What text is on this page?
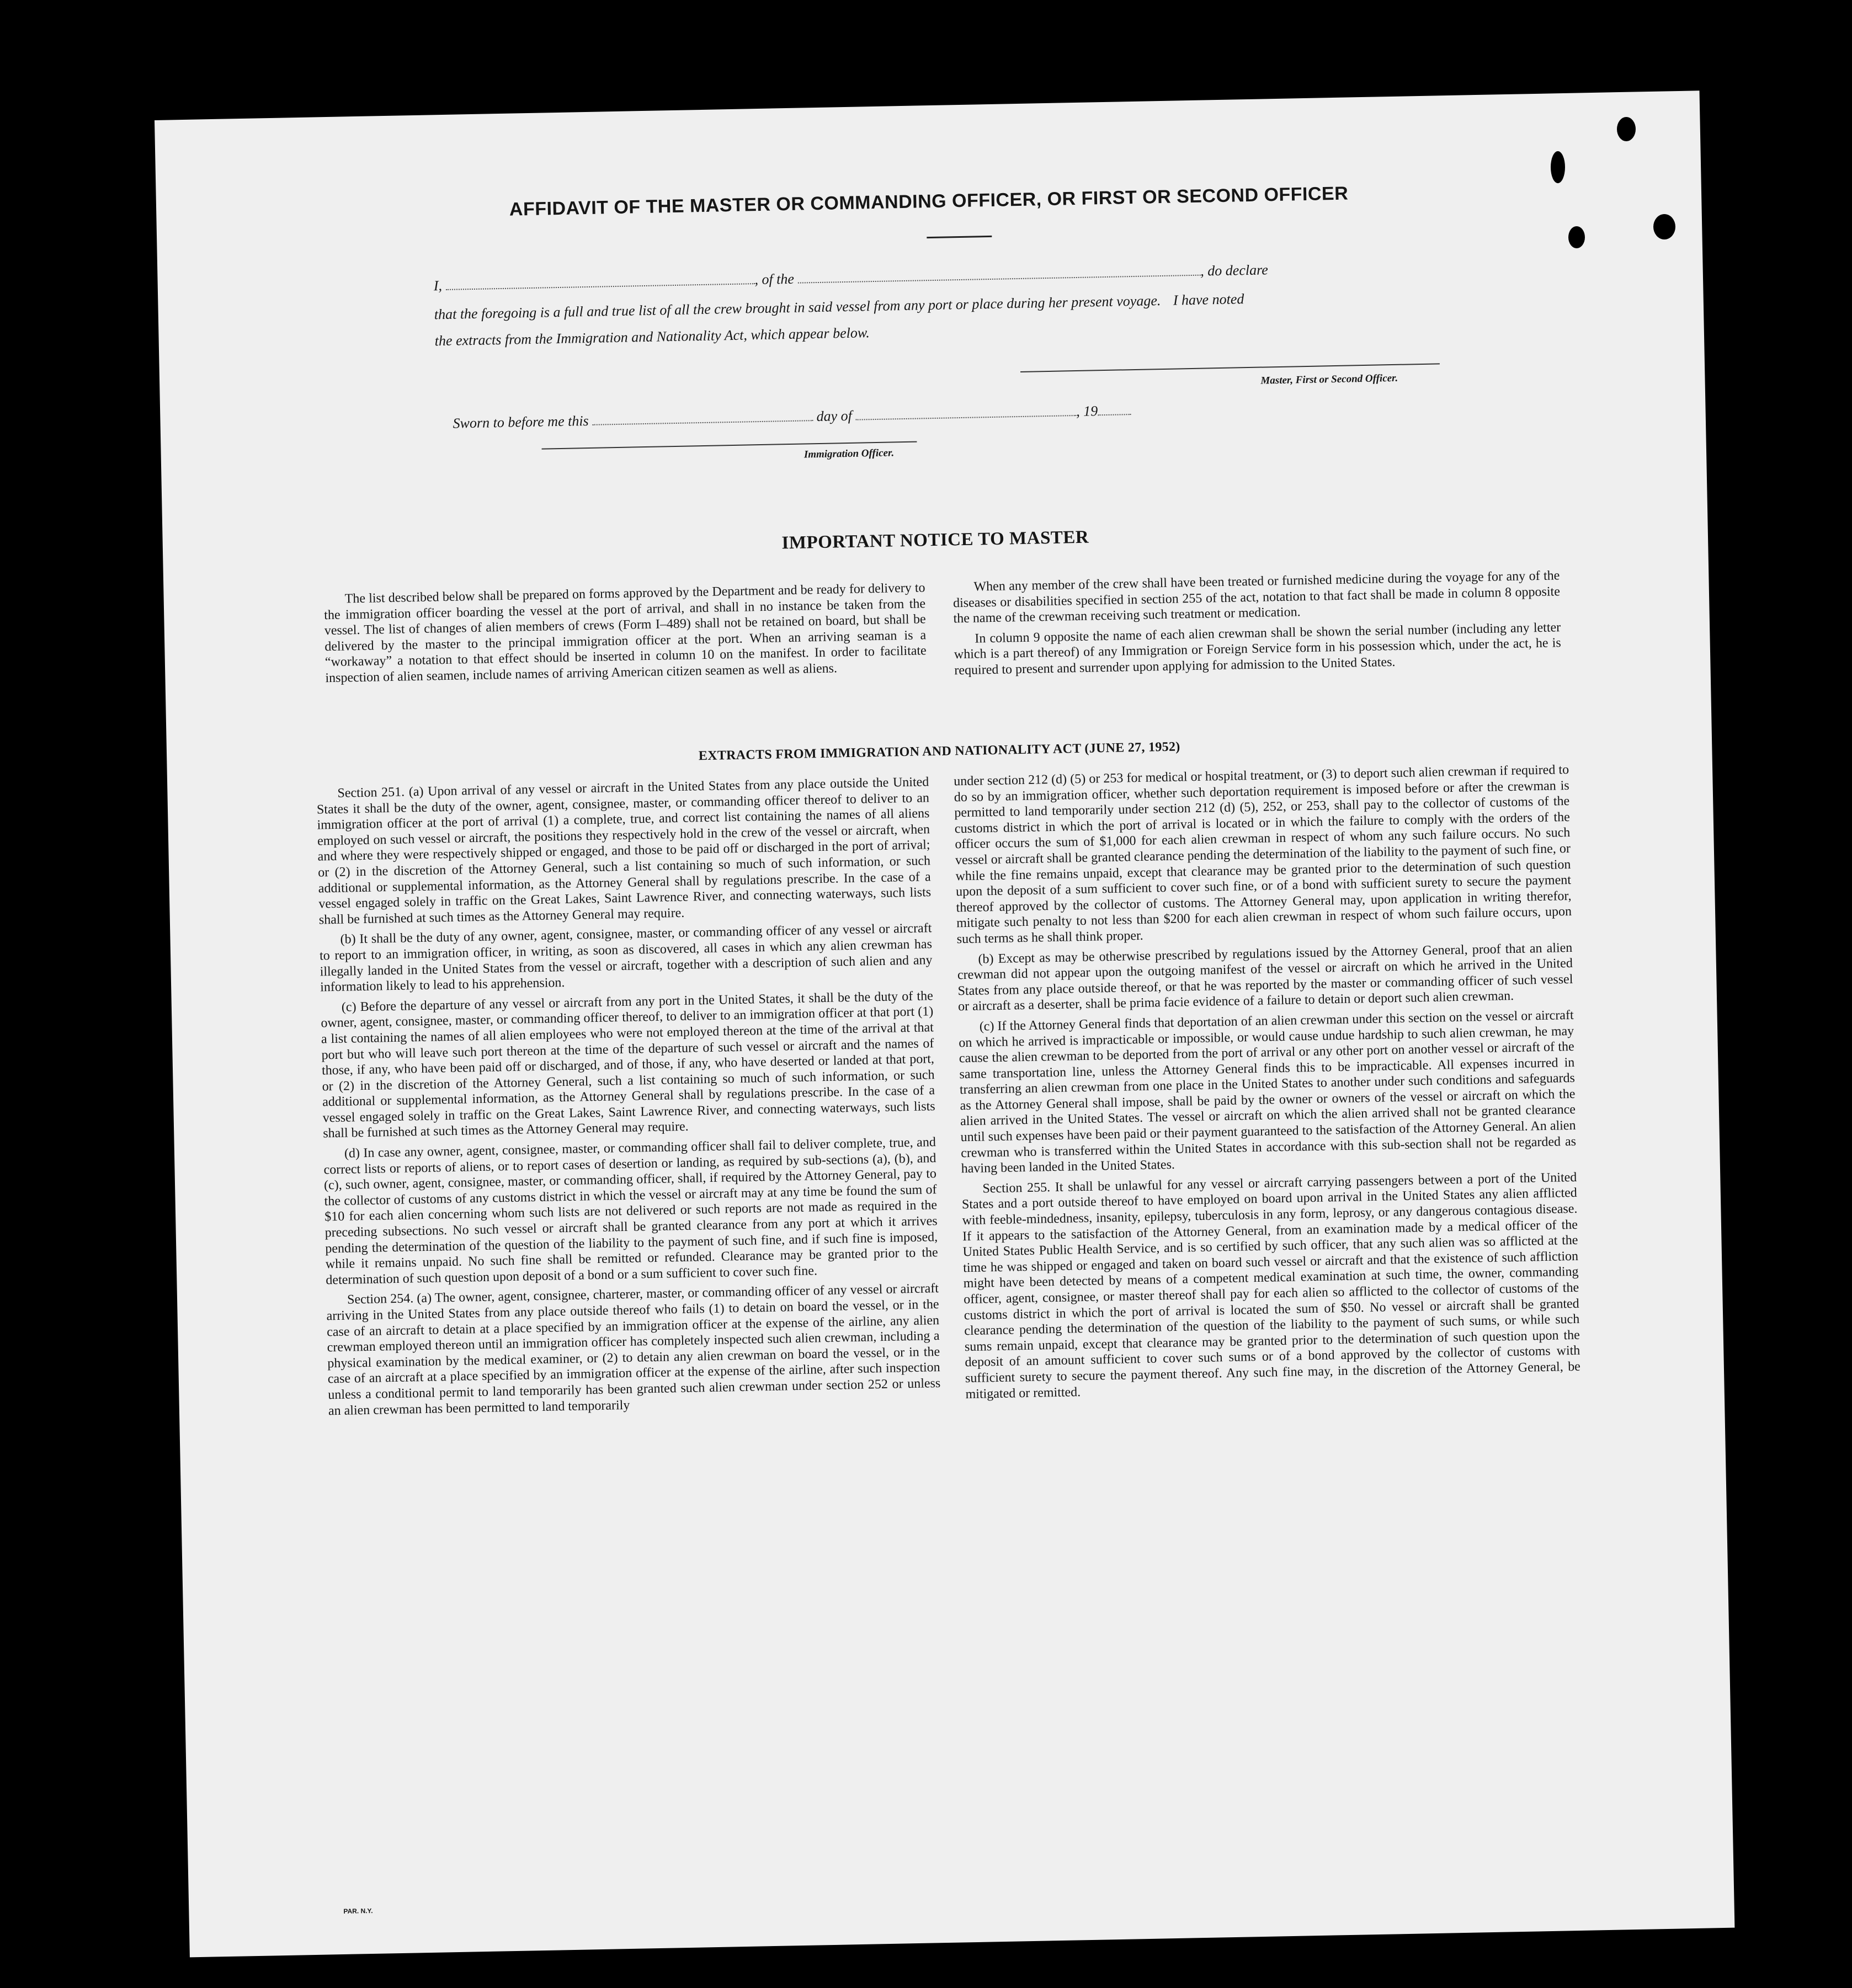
AFFIDAVIT OF THE MASTER OR COMMANDING OFFICER, OR FIRST OR SECOND OFFICER
I,	, of the , do declare
that the foregoing is a full and true list of all the crew brought in said vessel from any port or place during her present voyage. I have noted
the extracts from the Immigration and Nationality Act, which appear below.
Master, First or Second Officer.
Sworn to before me this	day of	, 19
Immigration Officer.
IMPORTANT NOTICE TO MASTER

The list described below shall be prepared on forms approved by the Department and be ready for delivery to the immigration officer boarding the vessel at the port of arrival, and shall in no instance be taken from the vessel. The list of changes of alien members of crews (Form I–489) shall not be retained on board, but shall be delivered by the master to the principal immigration officer at the port. When an arriving seaman is a “workaway” a notation to that effect should be inserted in column 10 on the manifest. In order to facilitate inspection of alien seamen, include names of arriving American citizen seamen as well as aliens.

When any member of the crew shall have been treated or furnished medicine during the voyage for any of the diseases or disabilities specified in section 255 of the act, notation to that fact shall be made in column 8 opposite the name of the crewman receiving such treatment or medication.

In column 9 opposite the name of each alien crewman shall be shown the serial number (including any letter which is a part thereof) of any Immigration or Foreign Service form in his possession which, under the act, he is required to present and surrender upon applying for admission to the United States.

EXTRACTS FROM IMMIGRATION AND NATIONALITY ACT (JUNE 27, 1952)

Section 251. (a) Upon arrival of any vessel or aircraft in the United States from any place outside the United States it shall be the duty of the owner, agent, consignee, master, or commanding officer thereof to deliver to an immigration officer at the port of arrival (1) a complete, true, and correct list containing the names of all aliens employed on such vessel or aircraft, the positions they respectively hold in the crew of the vessel or aircraft, when and where they were respectively shipped or engaged, and those to be paid off or discharged in the port of arrival; or (2) in the discretion of the Attorney General, such a list containing so much of such information, or such additional or supplemental information, as the Attorney General shall by regulations prescribe. In the case of a vessel engaged solely in traffic on the Great Lakes, Saint Lawrence River, and connecting waterways, such lists shall be furnished at such times as the Attorney General may require.

(b) It shall be the duty of any owner, agent, consignee, master, or commanding officer of any vessel or aircraft to report to an immigration officer, in writing, as soon as discovered, all cases in which any alien crewman has illegally landed in the United States from the vessel or aircraft, together with a description of such alien and any information likely to lead to his apprehension.

(c) Before the departure of any vessel or aircraft from any port in the United States, it shall be the duty of the owner, agent, consignee, master, or commanding officer thereof, to deliver to an immigration officer at that port (1) a list containing the names of all alien employees who were not employed thereon at the time of the arrival at that port but who will leave such port thereon at the time of the departure of such vessel or aircraft and the names of those, if any, who have been paid off or discharged, and of those, if any, who have deserted or landed at that port, or (2) in the discretion of the Attorney General, such a list containing so much of such information, or such additional or supplemental information, as the Attorney General shall by regulations prescribe. In the case of a vessel engaged solely in traffic on the Great Lakes, Saint Lawrence River, and connecting waterways, such lists shall be furnished at such times as the Attorney General may require.

(d) In case any owner, agent, consignee, master, or commanding officer shall fail to deliver complete, true, and correct lists or reports of aliens, or to report cases of desertion or landing, as required by sub-sections (a), (b), and (c), such owner, agent, consignee, master, or commanding officer, shall, if required by the Attorney General, pay to the collector of customs of any customs district in which the vessel or aircraft may at any time be found the sum of $10 for each alien concerning whom such lists are not delivered or such reports are not made as required in the preceding subsections. No such vessel or aircraft shall be granted clearance from any port at which it arrives pending the determination of the question of the liability to the payment of such fine, and if such fine is imposed, while it remains unpaid. No such fine shall be remitted or refunded. Clearance may be granted prior to the determination of such question upon deposit of a bond or a sum sufficient to cover such fine.

Section 254. (a) The owner, agent, consignee, charterer, master, or commanding officer of any vessel or aircraft arriving in the United States from any place outside thereof who fails (1) to detain on board the vessel, or in the case of an aircraft to detain at a place specified by an immigration officer at the expense of the airline, any alien crewman employed thereon until an immigration officer has completely inspected such alien crewman, including a physical examination by the medical examiner, or (2) to detain any alien crewman on board the vessel, or in the case of an aircraft at a place specified by an immigration officer at the expense of the airline, after such inspection unless a conditional permit to land temporarily has been granted such alien crewman under section 252 or unless an alien crewman has been permitted to land temporarily

under section 212 (d) (5) or 253 for medical or hospital treatment, or (3) to deport such alien crewman if required to do so by an immigration officer, whether such deportation requirement is imposed before or after the crewman is permitted to land temporarily under section 212 (d) (5), 252, or 253, shall pay to the collector of customs of the customs district in which the port of arrival is located or in which the failure to comply with the orders of the officer occurs the sum of $1,000 for each alien crewman in respect of whom any such failure occurs. No such vessel or aircraft shall be granted clearance pending the determination of the liability to the payment of such fine, or while the fine remains unpaid, except that clearance may be granted prior to the determination of such question upon the deposit of a sum sufficient to cover such fine, or of a bond with sufficient surety to secure the payment thereof approved by the collector of customs. The Attorney General may, upon application in writing therefor, mitigate such penalty to not less than $200 for each alien crewman in respect of whom such failure occurs, upon such terms as he shall think proper.

(b) Except as may be otherwise prescribed by regulations issued by the Attorney General, proof that an alien crewman did not appear upon the outgoing manifest of the vessel or aircraft on which he arrived in the United States from any place outside thereof, or that he was reported by the master or commanding officer of such vessel or aircraft as a deserter, shall be prima facie evidence of a failure to detain or deport such alien crewman.

(c) If the Attorney General finds that deportation of an alien crewman under this section on the vessel or aircraft on which he arrived is impracticable or impossible, or would cause undue hardship to such alien crewman, he may cause the alien crewman to be deported from the port of arrival or any other port on another vessel or aircraft of the same transportation line, unless the Attorney General finds this to be impracticable. All expenses incurred in transferring an alien crewman from one place in the United States to another under such conditions and safeguards as the Attorney General shall impose, shall be paid by the owner or owners of the vessel or aircraft on which the alien arrived in the United States. The vessel or aircraft on which the alien arrived shall not be granted clearance until such expenses have been paid or their payment guaranteed to the satisfaction of the Attorney General. An alien crewman who is transferred within the United States in accordance with this sub-section shall not be regarded as having been landed in the United States.

Section 255. It shall be unlawful for any vessel or aircraft carrying passengers between a port of the United States and a port outside thereof to have employed on board upon arrival in the United States any alien afflicted with feeble-mindedness, insanity, epilepsy, tuberculosis in any form, leprosy, or any dangerous contagious disease. If it appears to the satisfaction of the Attorney General, from an examination made by a medical officer of the United States Public Health Service, and is so certified by such officer, that any such alien was so afflicted at the time he was shipped or engaged and taken on board such vessel or aircraft and that the existence of such affliction might have been detected by means of a competent medical examination at such time, the owner, commanding officer, agent, consignee, or master thereof shall pay for each alien so afflicted to the collector of customs of the customs district in which the port of arrival is located the sum of $50. No vessel or aircraft shall be granted clearance pending the determination of the question of the liability to the payment of such sums, or while such sums remain unpaid, except that clearance may be granted prior to the determination of such question upon the deposit of an amount sufficient to cover such sums or of a bond approved by the collector of customs with sufficient surety to secure the payment thereof. Any such fine may, in the discretion of the Attorney General, be mitigated or remitted.

PAR. N.Y.
